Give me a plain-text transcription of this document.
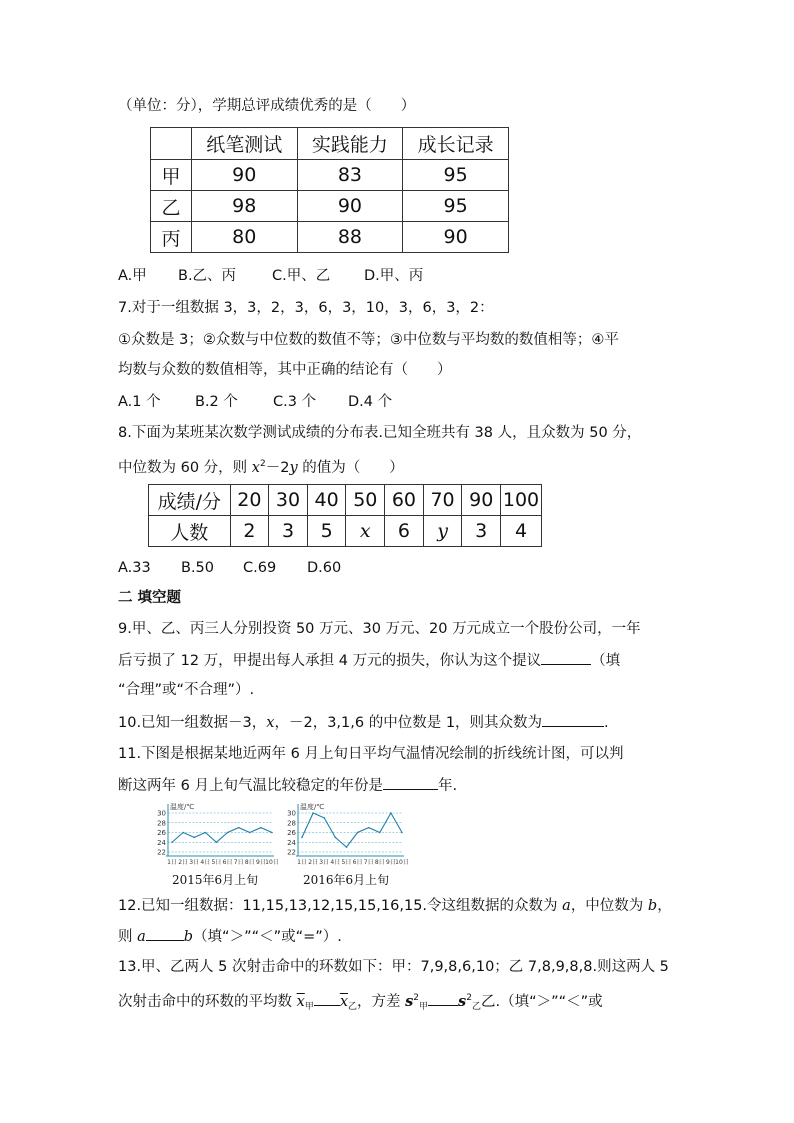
（单位：分），学期总评成绩优秀的是（　　）
	纸笔测试	实践能力	成长记录
甲	90	83	95
乙	98	90	95
丙	80	88	90
A.甲 B.乙、丙 C.甲、乙 D.甲、丙
7.对于一组数据 3，3，2，3，6，3，10，3，6，3，2：
①众数是 3；②众数与中位数的数值不等；③中位数与平均数的数值相等；④平
均数与众数的数值相等，其中正确的结论有（　　）
A.1 个 B.2 个 C.3 个 D.4 个
8.下面为某班某次数学测试成绩的分布表.已知全班共有 38 人，且众数为 50 分，
中位数为 60 分，则 $x^2-2y$ 的值为（　　）
成绩/分	20	30	40	50	60	70	90	100
人数	2	3	5	x	6	y	3	4
A.33 B.50 C.69 D.60
二 填空题
9.甲、乙、丙三人分别投资 50 万元、30 万元、20 万元成立一个股份公司，一年
后亏损了 12 万，甲提出每人承担 4 万元的损失，你认为这个提议	（填
“合理”或“不合理”）.
10.已知一组数据－3，x，－2，3,1,6 的中位数是 1，则其众数为	.
11.下图是根据某地近两年 6 月上旬日平均气温情况绘制的折线统计图，可以判
断这两年 6 月上旬气温比较稳定的年份是	年.
温度/℃
30
28
26
24
22
1日 2日 3日 4日 5日 6日 7日 8日 9日 10日
温度/℃
30
28
26
24
22
1日 2日 3日 4日 5日 6日 7日 8日 9日 10日
2015年6月上旬	2016年6月上旬
12.已知一组数据：11,15,13,12,15,15,16,15.令这组数据的众数为 a，中位数为 b，
则 a	b（填“＞”“＜”或“=”）.
13.甲、乙两人 5 次射击命中的环数如下：甲：7,9,8,6,10；乙 7,8,9,8,8.则这两人 5
次射击命中的环数的平均数 $\overline{x}_甲$ $\overline{x}_乙$，方差 $s^2_甲$ $s^2_乙$乙.（填“＞”“＜”或
